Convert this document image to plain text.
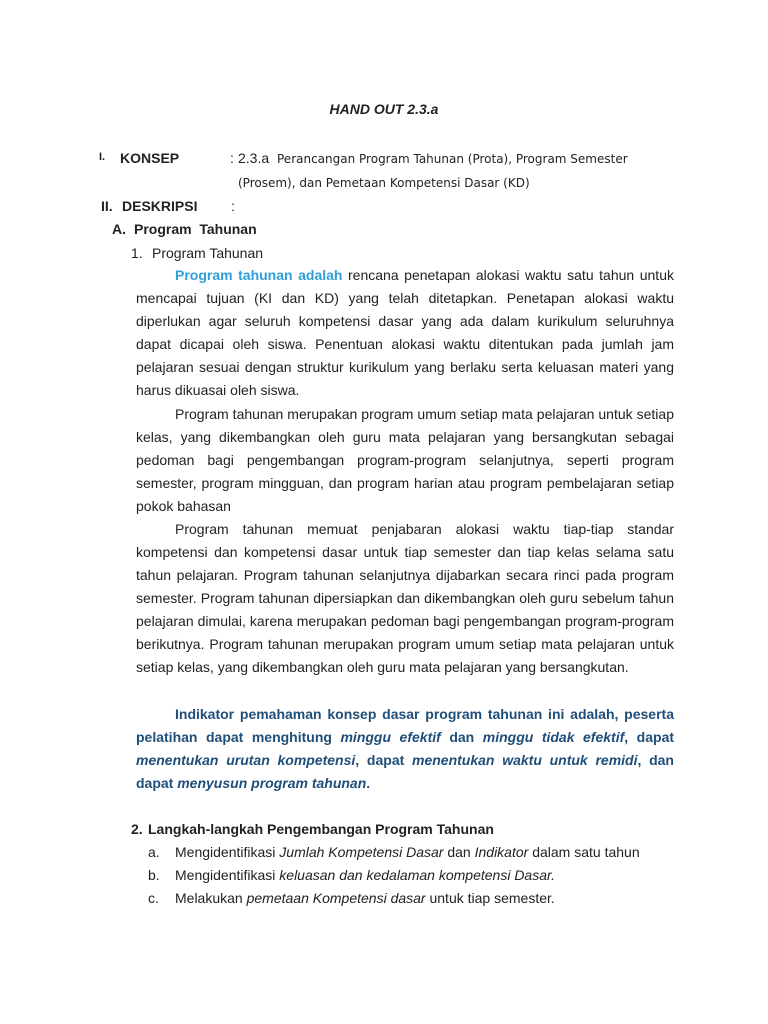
HAND OUT 2.3.a
I. KONSEP	: 2.3.a Perancangan Program Tahunan (Prota), Program Semester
(Prosem), dan Pemetaan Kompetensi Dasar (KD)
II. DESKRIPSI :
A. Program  Tahunan
1. Program Tahunan

Program tahunan adalah rencana penetapan alokasi waktu satu tahun untuk mencapai tujuan (KI dan KD) yang telah ditetapkan. Penetapan alokasi waktu diperlukan agar seluruh kompetensi dasar yang ada dalam kurikulum seluruhnya dapat dicapai oleh siswa. Penentuan alokasi waktu ditentukan pada jumlah jam pelajaran sesuai dengan struktur kurikulum yang berlaku serta keluasan materi yang harus dikuasai oleh siswa.

Program tahunan merupakan program umum setiap mata pelajaran untuk setiap kelas, yang dikembangkan oleh guru mata pelajaran yang bersangkutan sebagai pedoman bagi pengembangan program-program selanjutnya, seperti program semester, program mingguan, dan program harian atau program pembelajaran setiap pokok bahasan

Program tahunan memuat penjabaran alokasi waktu tiap-tiap standar kompetensi dan kompetensi dasar untuk tiap semester dan tiap kelas selama satu tahun pelajaran. Program tahunan selanjutnya dijabarkan secara rinci pada program semester. Program tahunan dipersiapkan dan dikembangkan oleh guru sebelum tahun pelajaran dimulai, karena merupakan pedoman bagi pengembangan program-program berikutnya. Program tahunan merupakan program umum setiap mata pelajaran untuk setiap kelas, yang dikembangkan oleh guru mata pelajaran yang bersangkutan.

Indikator pemahaman konsep dasar program tahunan ini adalah, peserta pelatihan dapat menghitung minggu efektif dan minggu tidak efektif, dapat menentukan urutan kompetensi, dapat menentukan waktu untuk remidi, dan dapat menyusun program tahunan.

2. Langkah-langkah Pengembangan Program Tahunan
a. Mengidentifikasi Jumlah Kompetensi Dasar dan Indikator dalam satu tahun
b. Mengidentifikasi keluasan dan kedalaman kompetensi Dasar.
c. Melakukan pemetaan Kompetensi dasar untuk tiap semester.
